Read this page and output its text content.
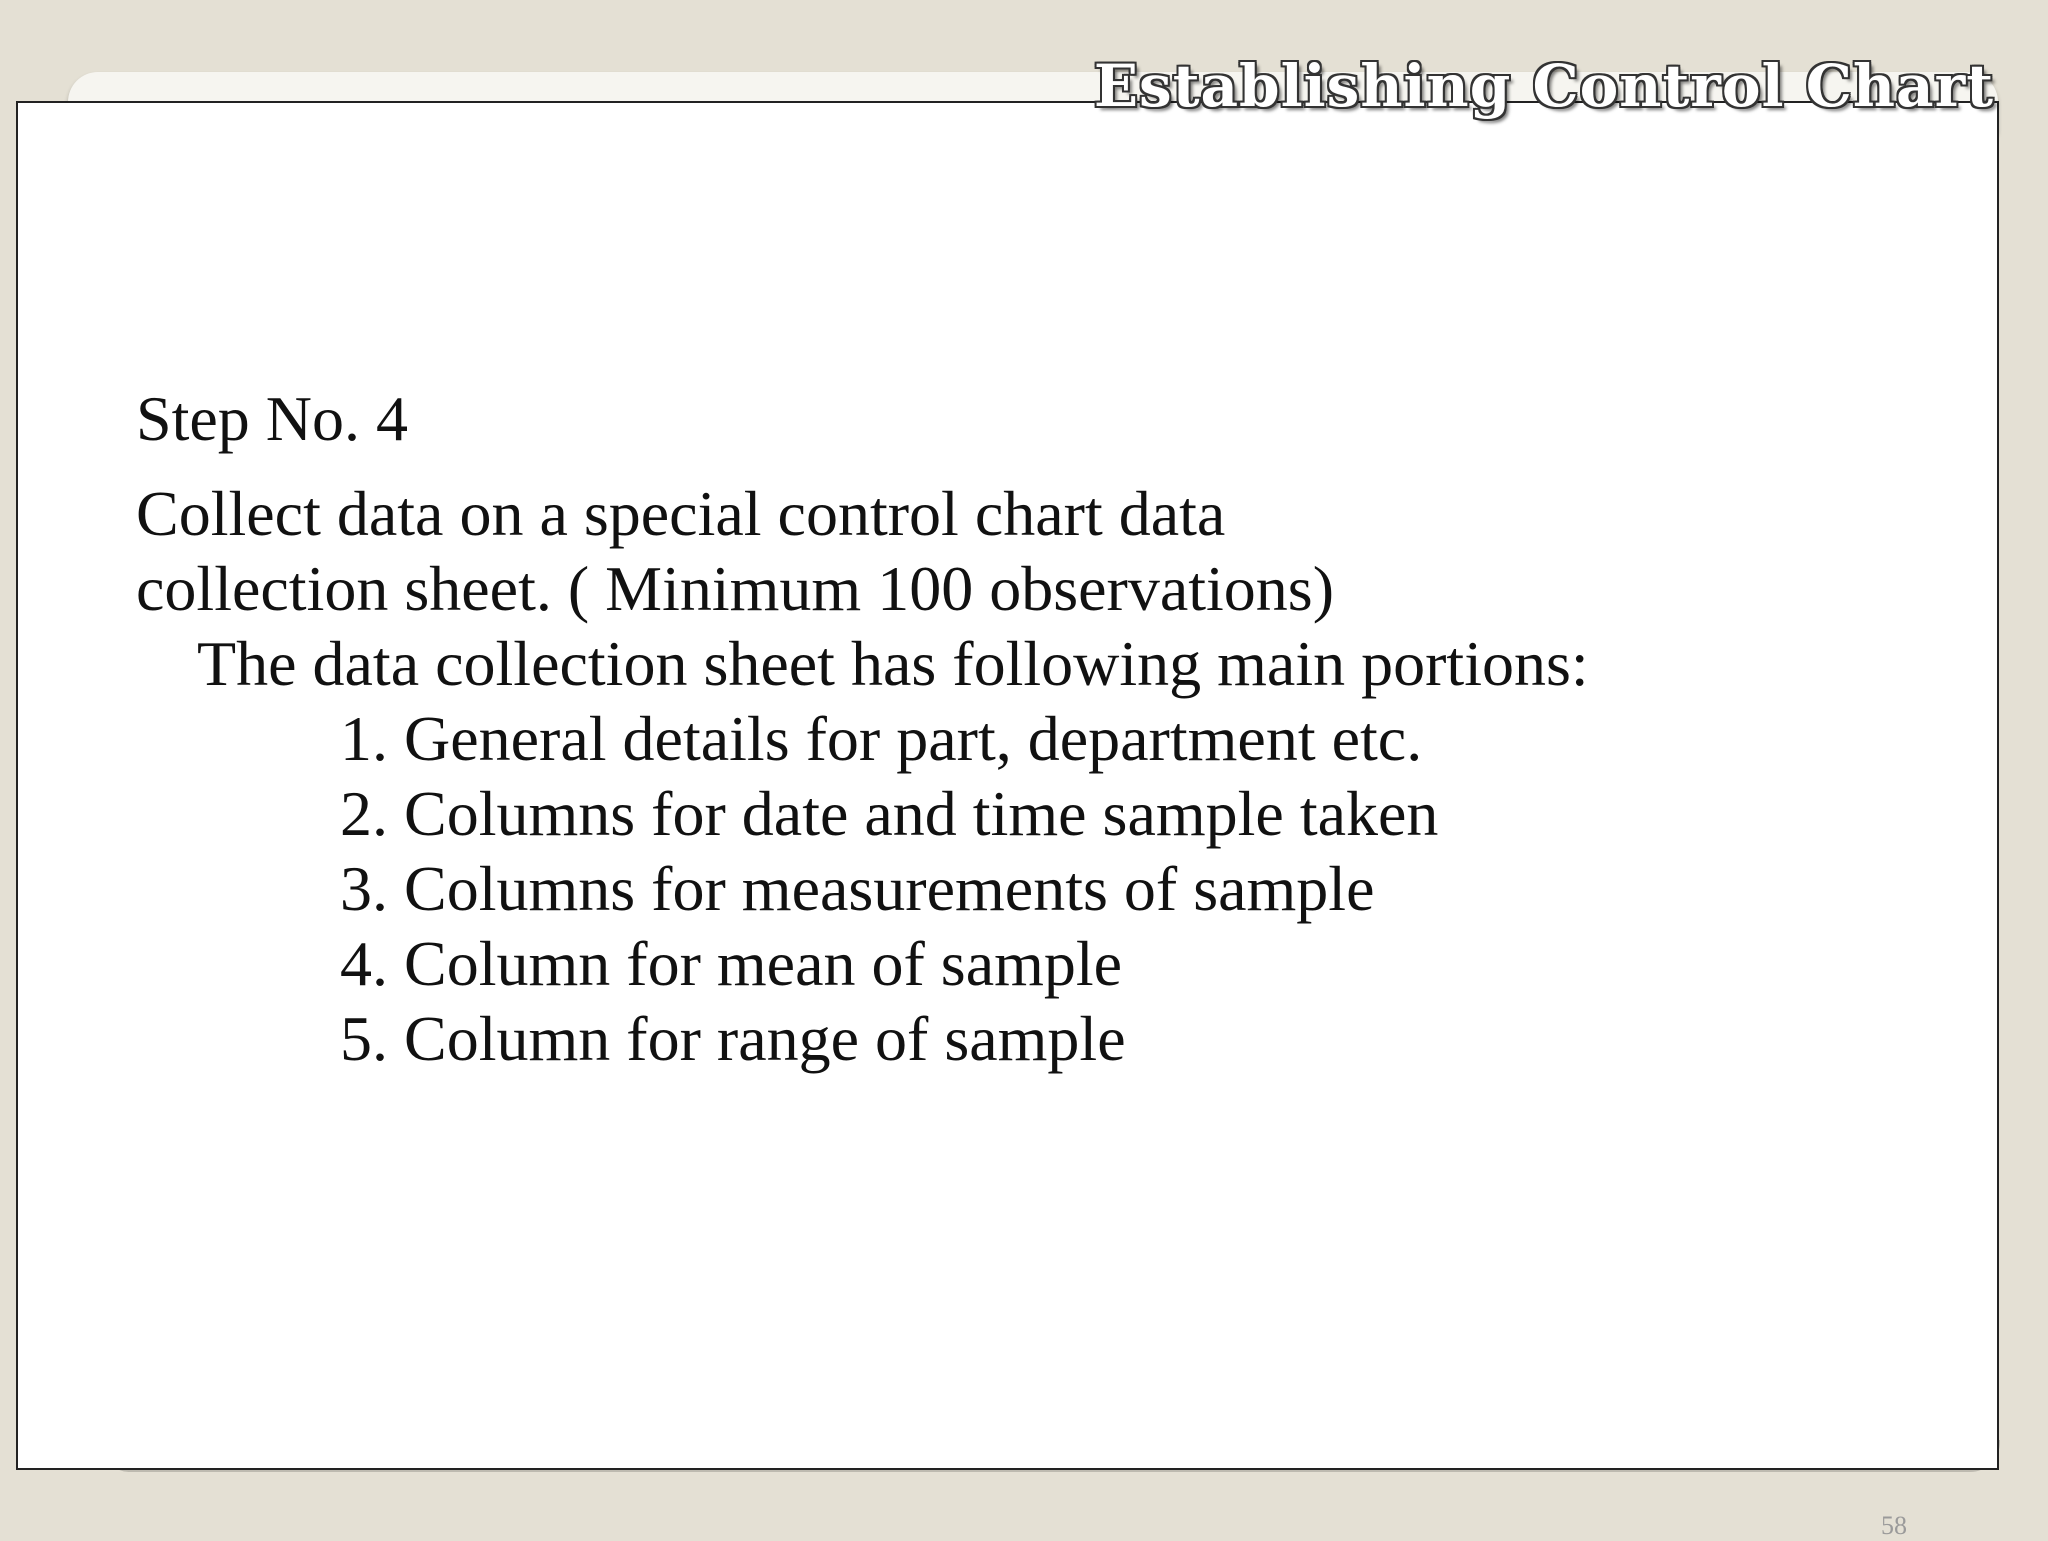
Step No. 4

Collect data on a special control chart data

collection sheet. ( Minimum 100 observations)

The data collection sheet has following main portions:

1. General details for part, department etc.
2. Columns for date and time sample taken
3. Columns for measurements of sample
4. Column for mean of sample
5. Column for range of sample
58
Establishing Control Chart
